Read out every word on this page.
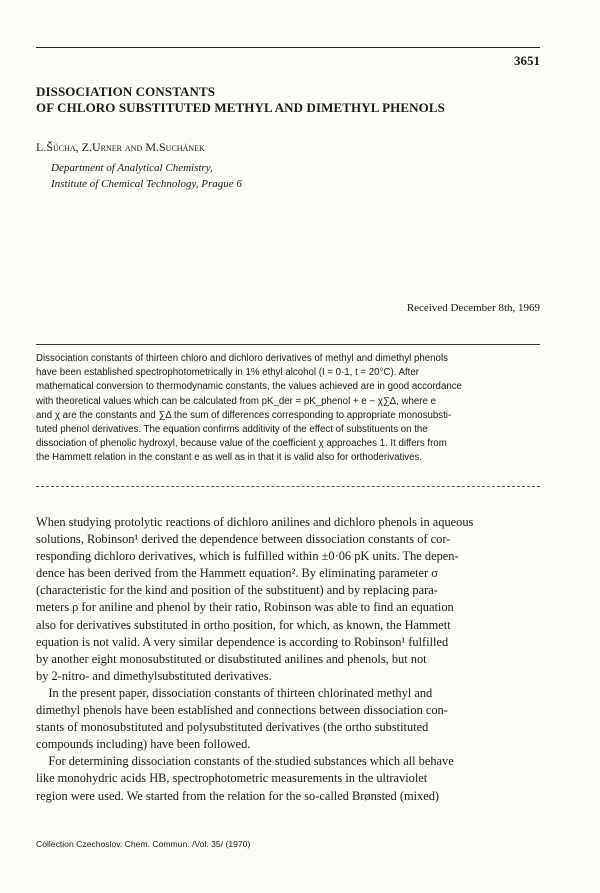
3651
DISSOCIATION CONSTANTS
OF CHLORO SUBSTITUTED METHYL AND DIMETHYL PHENOLS
L.Šúcha, Z.Urner and M.Suchánek
Department of Analytical Chemistry,
Institute of Chemical Technology, Prague 6
Received December 8th, 1969
Dissociation constants of thirteen chloro and dichloro derivatives of methyl and dimethyl phenols
have been established spectrophotometrically in 1% ethyl alcohol (I = 0·1, t = 20°C). After
mathematical conversion to thermodynamic constants, the values achieved are in good accordance
with theoretical values which can be calculated from pK_der = pK_phenol + e − χ∑Δ, where e
and χ are the constants and ∑Δ the sum of differences corresponding to appropriate monosubsti-
tuted phenol derivatives. The equation confirms additivity of the effect of substituents on the
dissociation of phenolic hydroxyl, because value of the coefficient χ approaches 1. It differs from
the Hammett relation in the constant e as well as in that it is valid also for orthoderivatives.
When studying protolytic reactions of dichloro anilines and dichloro phenols in aqueous
solutions, Robinson¹ derived the dependence between dissociation constants of cor-
responding dichloro derivatives, which is fulfilled within ±0·06 pK units. The depen-
dence has been derived from the Hammett equation². By eliminating parameter σ
(characteristic for the kind and position of the substituent) and by replacing para-
meters ρ for aniline and phenol by their ratio, Robinson was able to find an equation
also for derivatives substituted in ortho position, for which, as known, the Hammett
equation is not valid. A very similar dependence is according to Robinson¹ fulfilled
by another eight monosubstituted or disubstituted anilines and phenols, but not
by 2-nitro- and dimethylsubstituted derivatives.
In the present paper, dissociation constants of thirteen chlorinated methyl and
dimethyl phenols have been established and connections between dissociation con-
stants of monosubstituted and polysubstituted derivatives (the ortho substituted
compounds including) have been followed.
For determining dissociation constants of the studied substances which all behave
like monohydric acids HB, spectrophotometric measurements in the ultraviolet
region were used. We started from the relation for the so-called Brønsted (mixed)
Collection Czechoslov. Chem. Commun. /Vol. 35/ (1970)
